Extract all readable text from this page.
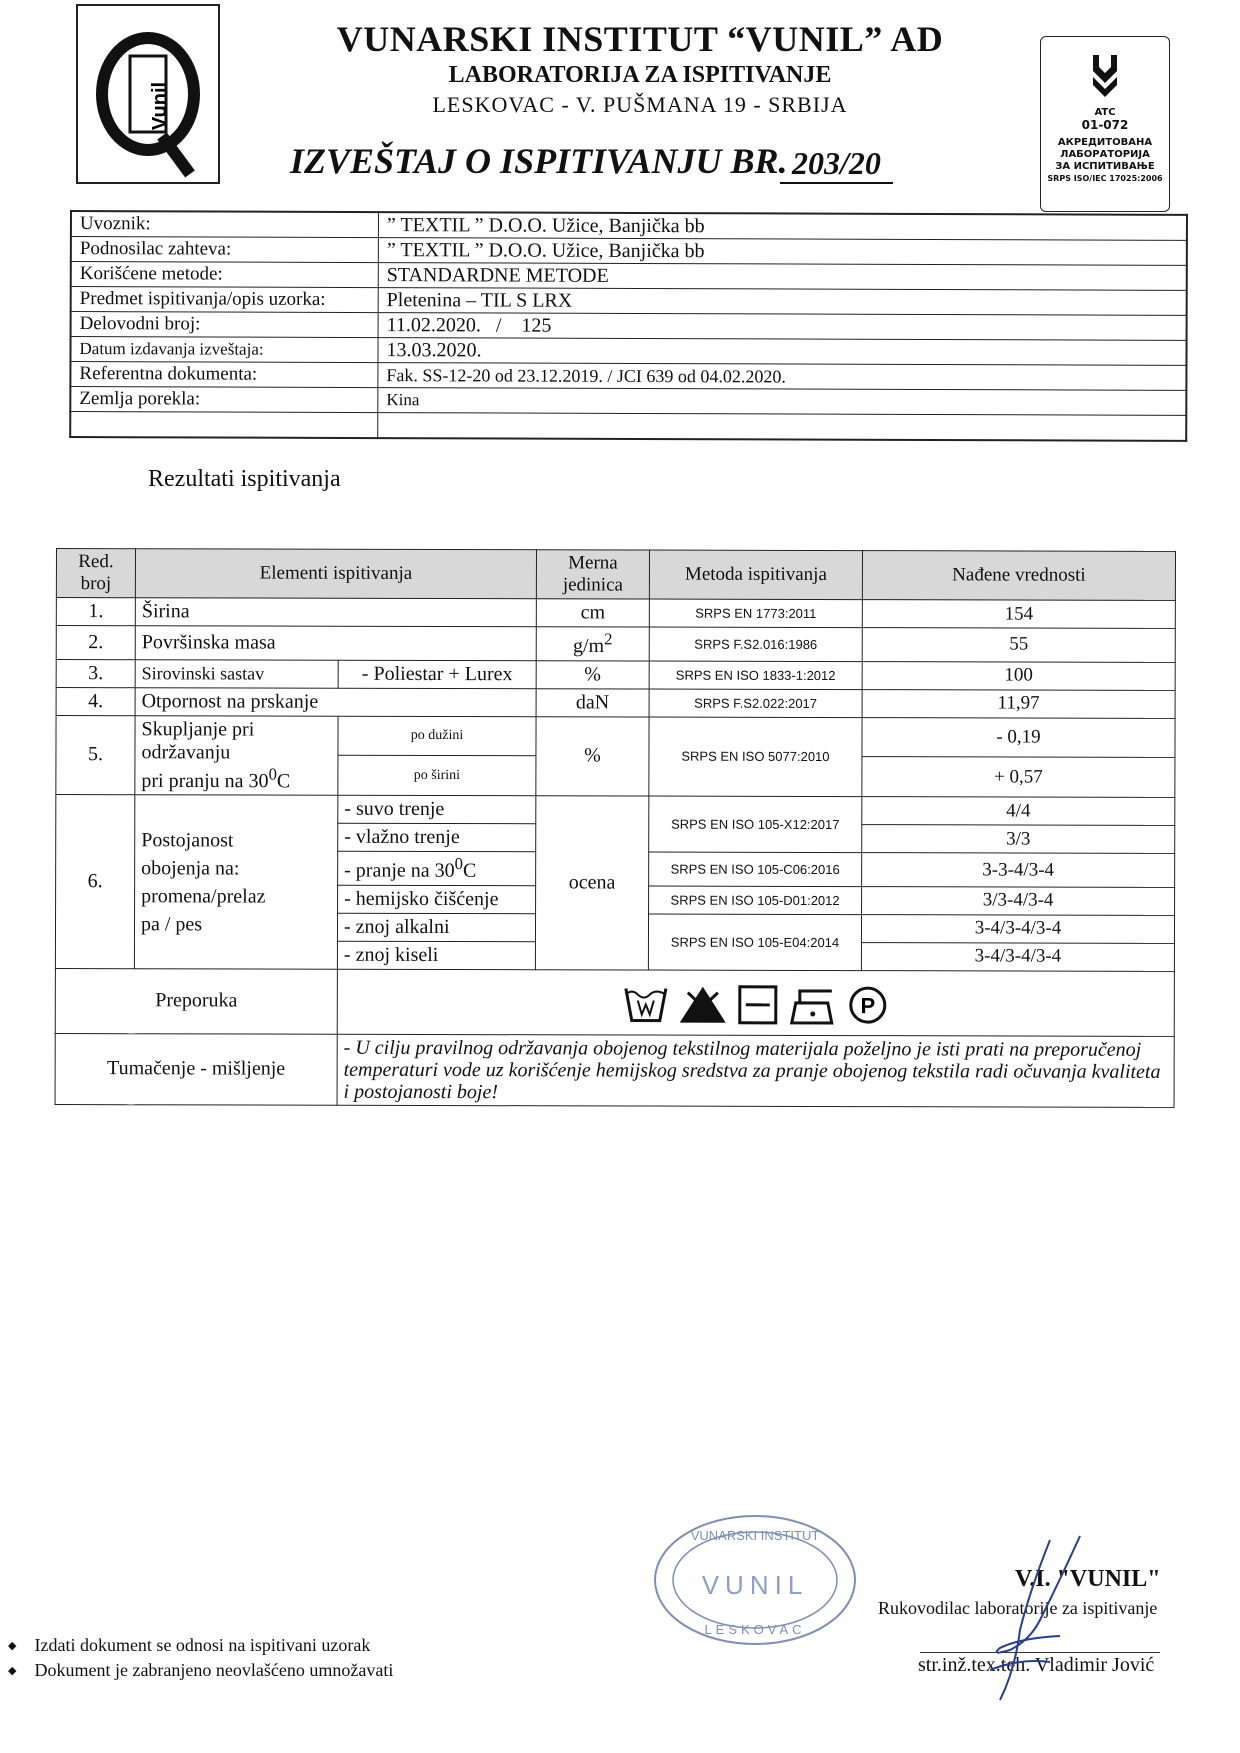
Vunil
VUNARSKI INSTITUT “VUNIL” AD
LABORATORIJA ZA ISPITIVANJE
LESKOVAC - V. PUŠMANA 19 - SRBIJA
IZVEŠTAJ O ISPITIVANJU BR. 203/20
ATC
01-072
АКРЕДИТОВАНА
ЛАБОРАТОРИЈА
ЗА ИСПИТИВАЊЕ
SRPS ISO/IEC 17025:2006
Uvoznik:	” TEXTIL ” D.O.O. Užice, Banjička bb
Podnosilac zahteva:	” TEXTIL ” D.O.O. Užice, Banjička bb
Korišćene metode:	STANDARDNE METODE
Predmet ispitivanja/opis uzorka:	Pletenina – TIL S LRX
Delovodni broj:	11.02.2020.   /    125
Datum izdavanja izveštaja:	13.03.2020.
Referentna dokumenta:	Fak. SS-12-20 od 23.12.2019. / JCI 639 od 04.02.2020.
Zemlja porekla:	Kina

Rezultati ispitivanja
Red. broj	Elementi ispitivanja		Merna jedinica	Metoda ispitivanja	Nađene vrednosti
1.	Širina		cm	SRPS EN 1773:2011	154
2.	Površinska masa		$g/m^2$	SRPS F.S2.016:1986	55
3.	Sirovinski sastav	- Poliestar + Lurex	%	SRPS EN ISO 1833-1:2012	100
4.	Otpornost na prskanje		daN	SRPS F.S2.022:2017	11,97
5.	Skupljanje pri održavanju
pri pranju na $30^0C$	po dužini	%	SRPS EN ISO 5077:2010	- 0,19
		po širini			+ 0,57
6.	Postojanost
obojenja na:
promena/prelaz
pa / pes	- suvo trenje	ocena	SRPS EN ISO 105-X12:2017	4/4
		- vlažno trenje			3/3
		- pranje na $30^0C$		SRPS EN ISO 105-C06:2016	3-3-4/3-4
		- hemijsko čišćenje		SRPS EN ISO 105-D01:2012	3/3-4/3-4
		- znoj alkalni		SRPS EN ISO 105-E04:2014	3-4/3-4/3-4
		- znoj kiseli			3-4/3-4/3-4
Preporuka		P			

Tumačenje - mišljenje		- U cilju pravilnog održavanja obojenog tekstilnog materijala poželjno je isti prati na preporučenoj temperaturi vode uz korišćenje hemijskog sredstva za pranje obojenog tekstila radi očuvanja kvaliteta i postojanosti boje!			
VUNARSKI INSTITUT
VUNIL
LESKOVAC
V.I. "VUNIL"
Rukovodilac laboratorije za ispitivanje
str.inž.tex.teh. Vladimir Jović
◆ Izdati dokument se odnosi na ispitivani uzorak
◆ Dokument je zabranjeno neovlašćeno umnožavati
